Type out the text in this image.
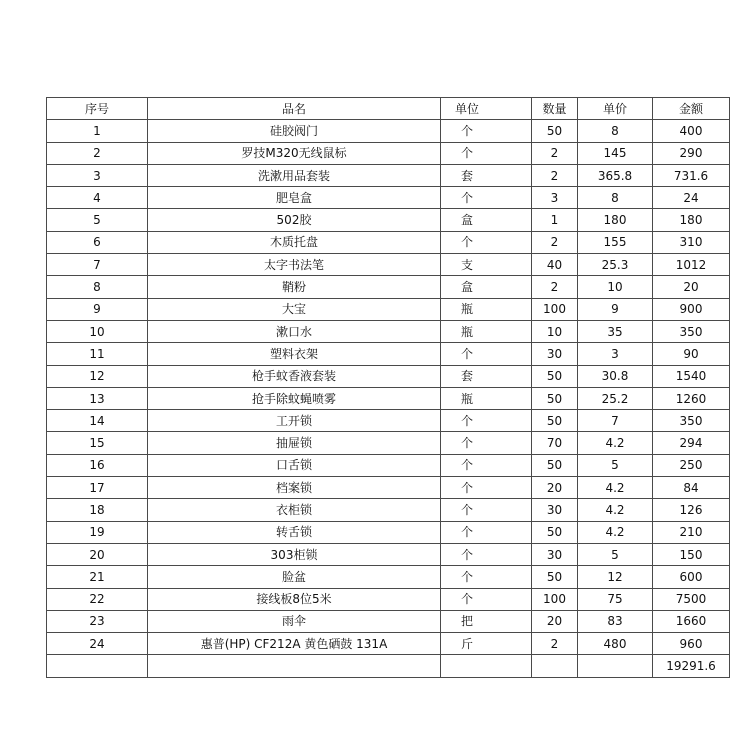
序号	品名	单位	数量	单价	金额
1	硅胶阀门	个	50	8	400
2	罗技M320无线鼠标	个	2	145	290
3	洗漱用品套装	套	2	365.8	731.6
4	肥皂盒	个	3	8	24
5	502胶	盒	1	180	180
6	木质托盘	个	2	155	310
7	太字书法笔	支	40	25.3	1012
8	鞘粉	盒	2	10	20
9	大宝	瓶	100	9	900
10	漱口水	瓶	10	35	350
11	塑料衣架	个	30	3	90
12	枪手蚊香液套装	套	50	30.8	1540
13	抢手除蚊蝇喷雾	瓶	50	25.2	1260
14	工开锁	个	50	7	350
15	抽屉锁	个	70	4.2	294
16	口舌锁	个	50	5	250
17	档案锁	个	20	4.2	84
18	衣柜锁	个	30	4.2	126
19	转舌锁	个	50	4.2	210
20	303柜锁	个	30	5	150
21	脸盆	个	50	12	600
22	接线板8位5米	个	100	75	7500
23	雨伞	把	20	83	1660
24	惠普(HP) CF212A 黄色硒鼓 131A	斤	2	480	960
					19291.6
